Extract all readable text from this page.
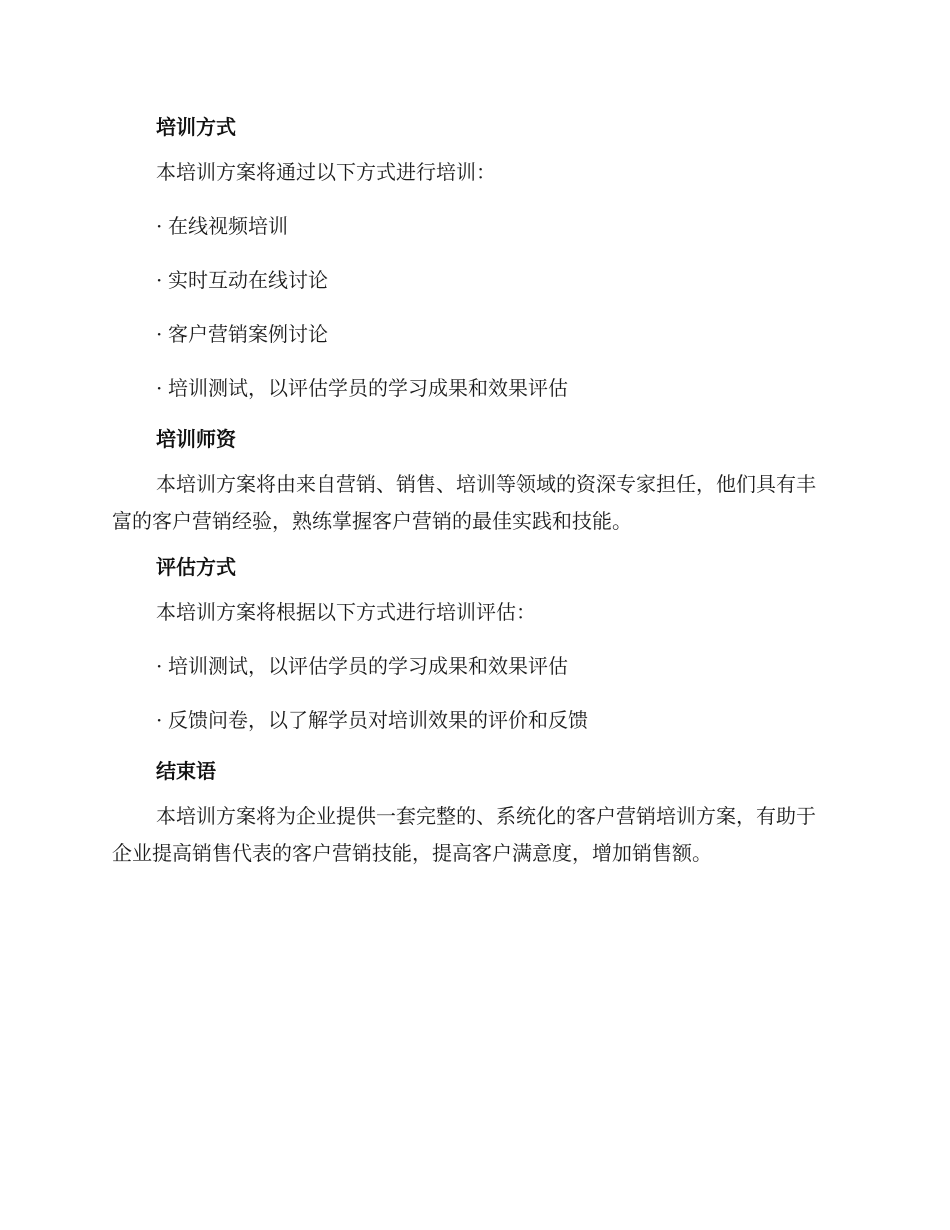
培训方式

本培训方案将通过以下方式进行培训：

· 在线视频培训
· 实时互动在线讨论
· 客户营销案例讨论
· 培训测试，以评估学员的学习成果和效果评估
培训师资

本培训方案将由来自营销、销售、培训等领域的资深专家担任，他们具有丰富的客户营销经验，熟练掌握客户营销的最佳实践和技能。

评估方式

本培训方案将根据以下方式进行培训评估：

· 培训测试，以评估学员的学习成果和效果评估
· 反馈问卷，以了解学员对培训效果的评价和反馈
结束语

本培训方案将为企业提供一套完整的、系统化的客户营销培训方案，有助于企业提高销售代表的客户营销技能，提高客户满意度，增加销售额。
